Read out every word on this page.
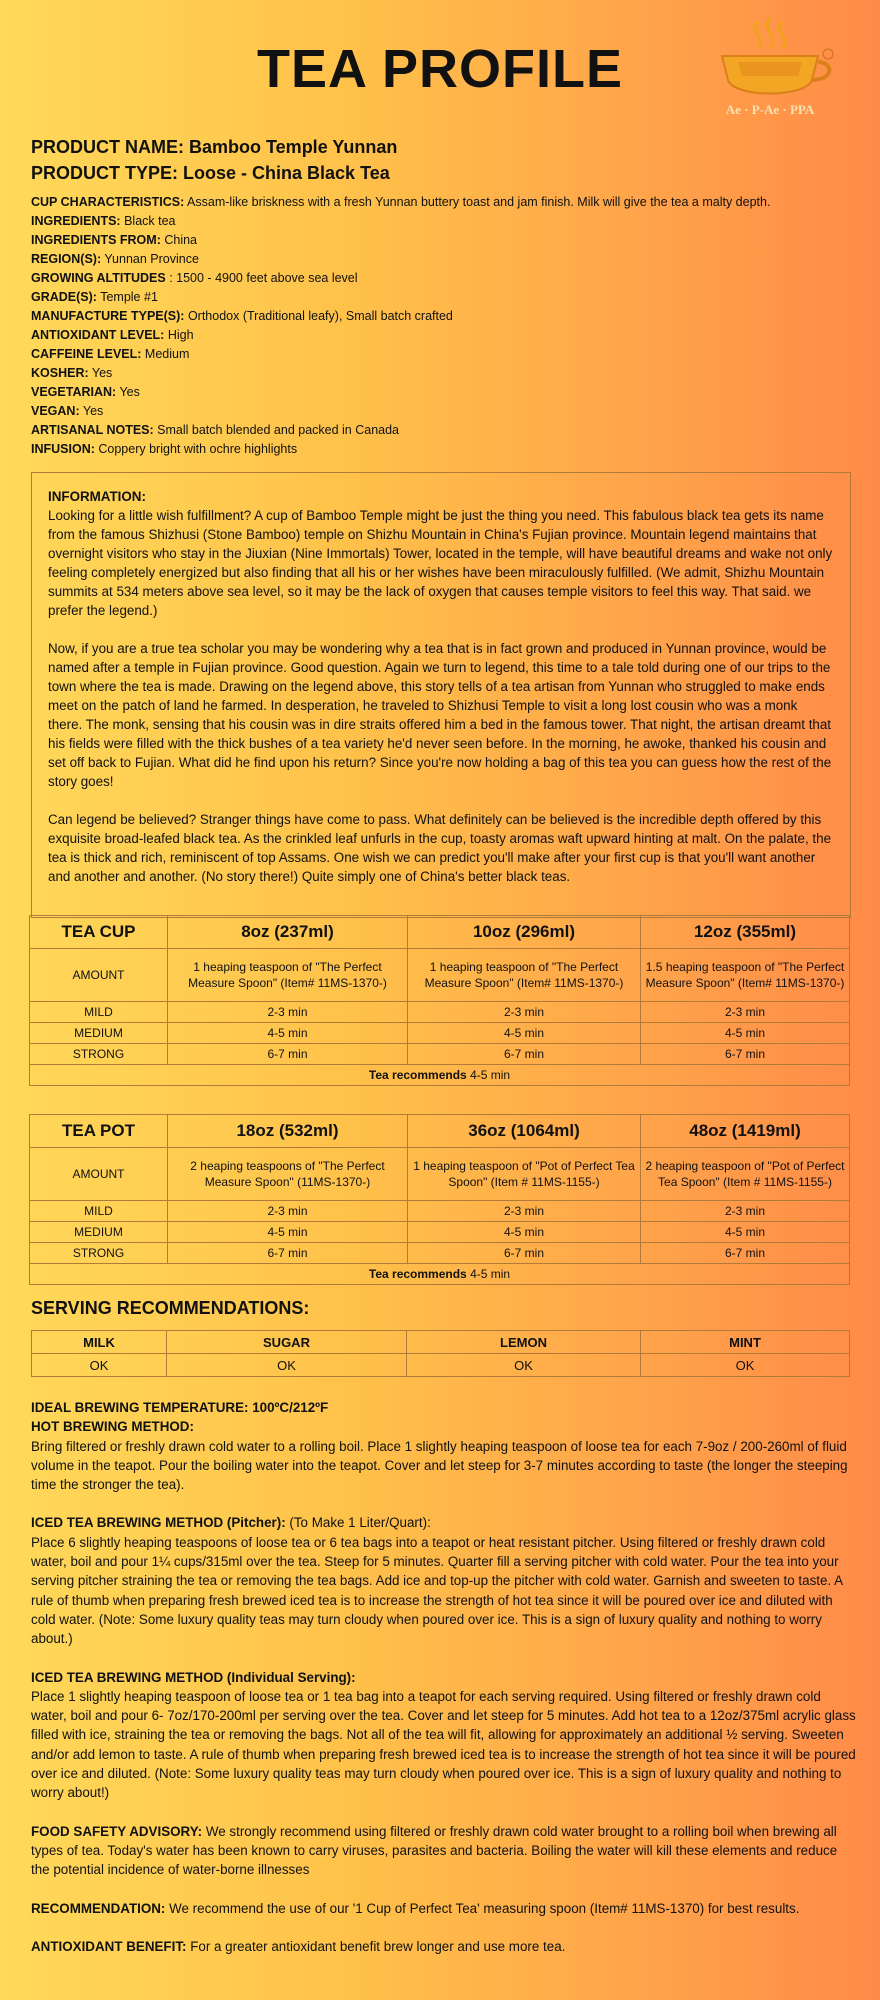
TEA PROFILE
Ae · P-Ae · PPA
PRODUCT NAME: Bamboo Temple Yunnan
PRODUCT TYPE: Loose - China Black Tea
CUP CHARACTERISTICS: Assam-like briskness with a fresh Yunnan buttery toast and jam finish. Milk will give the tea a malty depth.
INGREDIENTS: Black tea
INGREDIENTS FROM: China
REGION(S): Yunnan Province
GROWING ALTITUDES : 1500 - 4900 feet above sea level
GRADE(S): Temple #1
MANUFACTURE TYPE(S): Orthodox (Traditional leafy), Small batch crafted
ANTIOXIDANT LEVEL: High
CAFFEINE LEVEL: Medium
KOSHER: Yes
VEGETARIAN: Yes
VEGAN: Yes
ARTISANAL NOTES: Small batch blended and packed in Canada
INFUSION: Coppery bright with ochre highlights
INFORMATION:

Looking for a little wish fulfillment? A cup of Bamboo Temple might be just the thing you need. This fabulous black tea gets its name from the famous Shizhusi (Stone Bamboo) temple on Shizhu Mountain in China's Fujian province. Mountain legend maintains that overnight visitors who stay in the Jiuxian (Nine Immortals) Tower, located in the temple, will have beautiful dreams and wake not only feeling completely energized but also finding that all his or her wishes have been miraculously fulfilled. (We admit, Shizhu Mountain summits at 534 meters above sea level, so it may be the lack of oxygen that causes temple visitors to feel this way. That said. we prefer the legend.)

Now, if you are a true tea scholar you may be wondering why a tea that is in fact grown and produced in Yunnan province, would be named after a temple in Fujian province. Good question. Again we turn to legend, this time to a tale told during one of our trips to the town where the tea is made. Drawing on the legend above, this story tells of a tea artisan from Yunnan who struggled to make ends meet on the patch of land he farmed. In desperation, he traveled to Shizhusi Temple to visit a long lost cousin who was a monk there. The monk, sensing that his cousin was in dire straits offered him a bed in the famous tower. That night, the artisan dreamt that his fields were filled with the thick bushes of a tea variety he'd never seen before. In the morning, he awoke, thanked his cousin and set off back to Fujian. What did he find upon his return? Since you're now holding a bag of this tea you can guess how the rest of the story goes!

Can legend be believed? Stranger things have come to pass. What definitely can be believed is the incredible depth offered by this exquisite broad-leafed black tea. As the crinkled leaf unfurls in the cup, toasty aromas waft upward hinting at malt. On the palate, the tea is thick and rich, reminiscent of top Assams. One wish we can predict you'll make after your first cup is that you'll want another and another and another. (No story there!) Quite simply one of China's better black teas.

TEA CUP	8oz (237ml)	10oz (296ml)	12oz (355ml)
AMOUNT	1 heaping teaspoon of "The Perfect Measure Spoon" (Item# 11MS-1370-)	1 heaping teaspoon of "The Perfect Measure Spoon" (Item# 11MS-1370-)	1.5 heaping teaspoon of "The Perfect Measure Spoon" (Item# 11MS-1370-)
MILD	2-3 min	2-3 min	2-3 min
MEDIUM	4-5 min	4-5 min	4-5 min
STRONG	6-7 min	6-7 min	6-7 min
Tea recommends 4-5 min			
TEA POT	18oz (532ml)	36oz (1064ml)	48oz (1419ml)
AMOUNT	2 heaping teaspoons of "The Perfect Measure Spoon" (11MS-1370-)	1 heaping teaspoon of "Pot of Perfect Tea Spoon" (Item # 11MS-1155-)	2 heaping teaspoon of "Pot of Perfect Tea Spoon" (Item # 11MS-1155-)
MILD	2-3 min	2-3 min	2-3 min
MEDIUM	4-5 min	4-5 min	4-5 min
STRONG	6-7 min	6-7 min	6-7 min
Tea recommends 4-5 min			
SERVING RECOMMENDATIONS:
MILK	SUGAR	LEMON	MINT
OK	OK	OK	OK

IDEAL BREWING TEMPERATURE: 100ºC/212ºF
HOT BREWING METHOD:
Bring filtered or freshly drawn cold water to a rolling boil. Place 1 slightly heaping teaspoon of loose tea for each 7-9oz / 200-260ml of fluid volume in the teapot. Pour the boiling water into the teapot. Cover and let steep for 3-7 minutes according to taste (the longer the steeping time the stronger the tea).

ICED TEA BREWING METHOD (Pitcher): (To Make 1 Liter/Quart):
Place 6 slightly heaping teaspoons of loose tea or 6 tea bags into a teapot or heat resistant pitcher. Using filtered or freshly drawn cold water, boil and pour 1¼ cups/315ml over the tea. Steep for 5 minutes. Quarter fill a serving pitcher with cold water. Pour the tea into your serving pitcher straining the tea or removing the tea bags. Add ice and top-up the pitcher with cold water. Garnish and sweeten to taste. A rule of thumb when preparing fresh brewed iced tea is to increase the strength of hot tea since it will be poured over ice and diluted with cold water. (Note: Some luxury quality teas may turn cloudy when poured over ice. This is a sign of luxury quality and nothing to worry about.)

ICED TEA BREWING METHOD (Individual Serving):
Place 1 slightly heaping teaspoon of loose tea or 1 tea bag into a teapot for each serving required. Using filtered or freshly drawn cold water, boil and pour 6- 7oz/170-200ml per serving over the tea. Cover and let steep for 5 minutes. Add hot tea to a 12oz/375ml acrylic glass filled with ice, straining the tea or removing the bags. Not all of the tea will fit, allowing for approximately an additional ½ serving. Sweeten and/or add lemon to taste. A rule of thumb when preparing fresh brewed iced tea is to increase the strength of hot tea since it will be poured over ice and diluted. (Note: Some luxury quality teas may turn cloudy when poured over ice. This is a sign of luxury quality and nothing to worry about!)

FOOD SAFETY ADVISORY: We strongly recommend using filtered or freshly drawn cold water brought to a rolling boil when brewing all types of tea. Today's water has been known to carry viruses, parasites and bacteria. Boiling the water will kill these elements and reduce the potential incidence of water-borne illnesses

RECOMMENDATION: We recommend the use of our '1 Cup of Perfect Tea' measuring spoon (Item# 11MS-1370) for best results.

ANTIOXIDANT BENEFIT: For a greater antioxidant benefit brew longer and use more tea.
